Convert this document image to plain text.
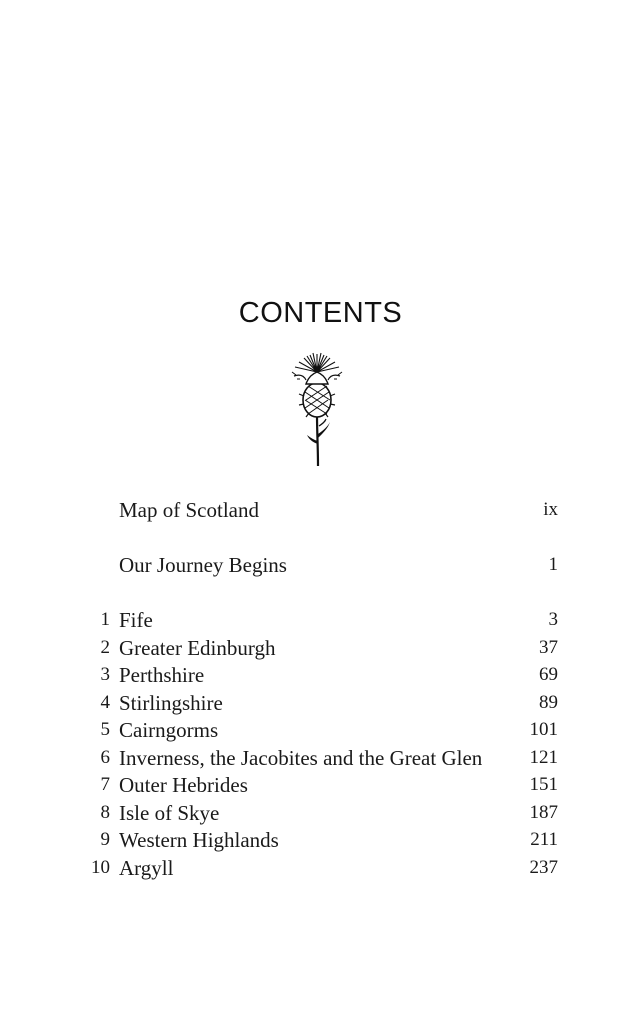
CONTENTS
Map of Scotland	ix
Our Journey Begins	1
1 Fife	3
2 Greater Edinburgh	37
3 Perthshire	69
4 Stirlingshire	89
5 Cairngorms	101
6 Inverness, the Jacobites and the Great Glen 121
7 Outer Hebrides	151
8 Isle of Skye	187
9 Western Highlands	211
10 Argyll	237
